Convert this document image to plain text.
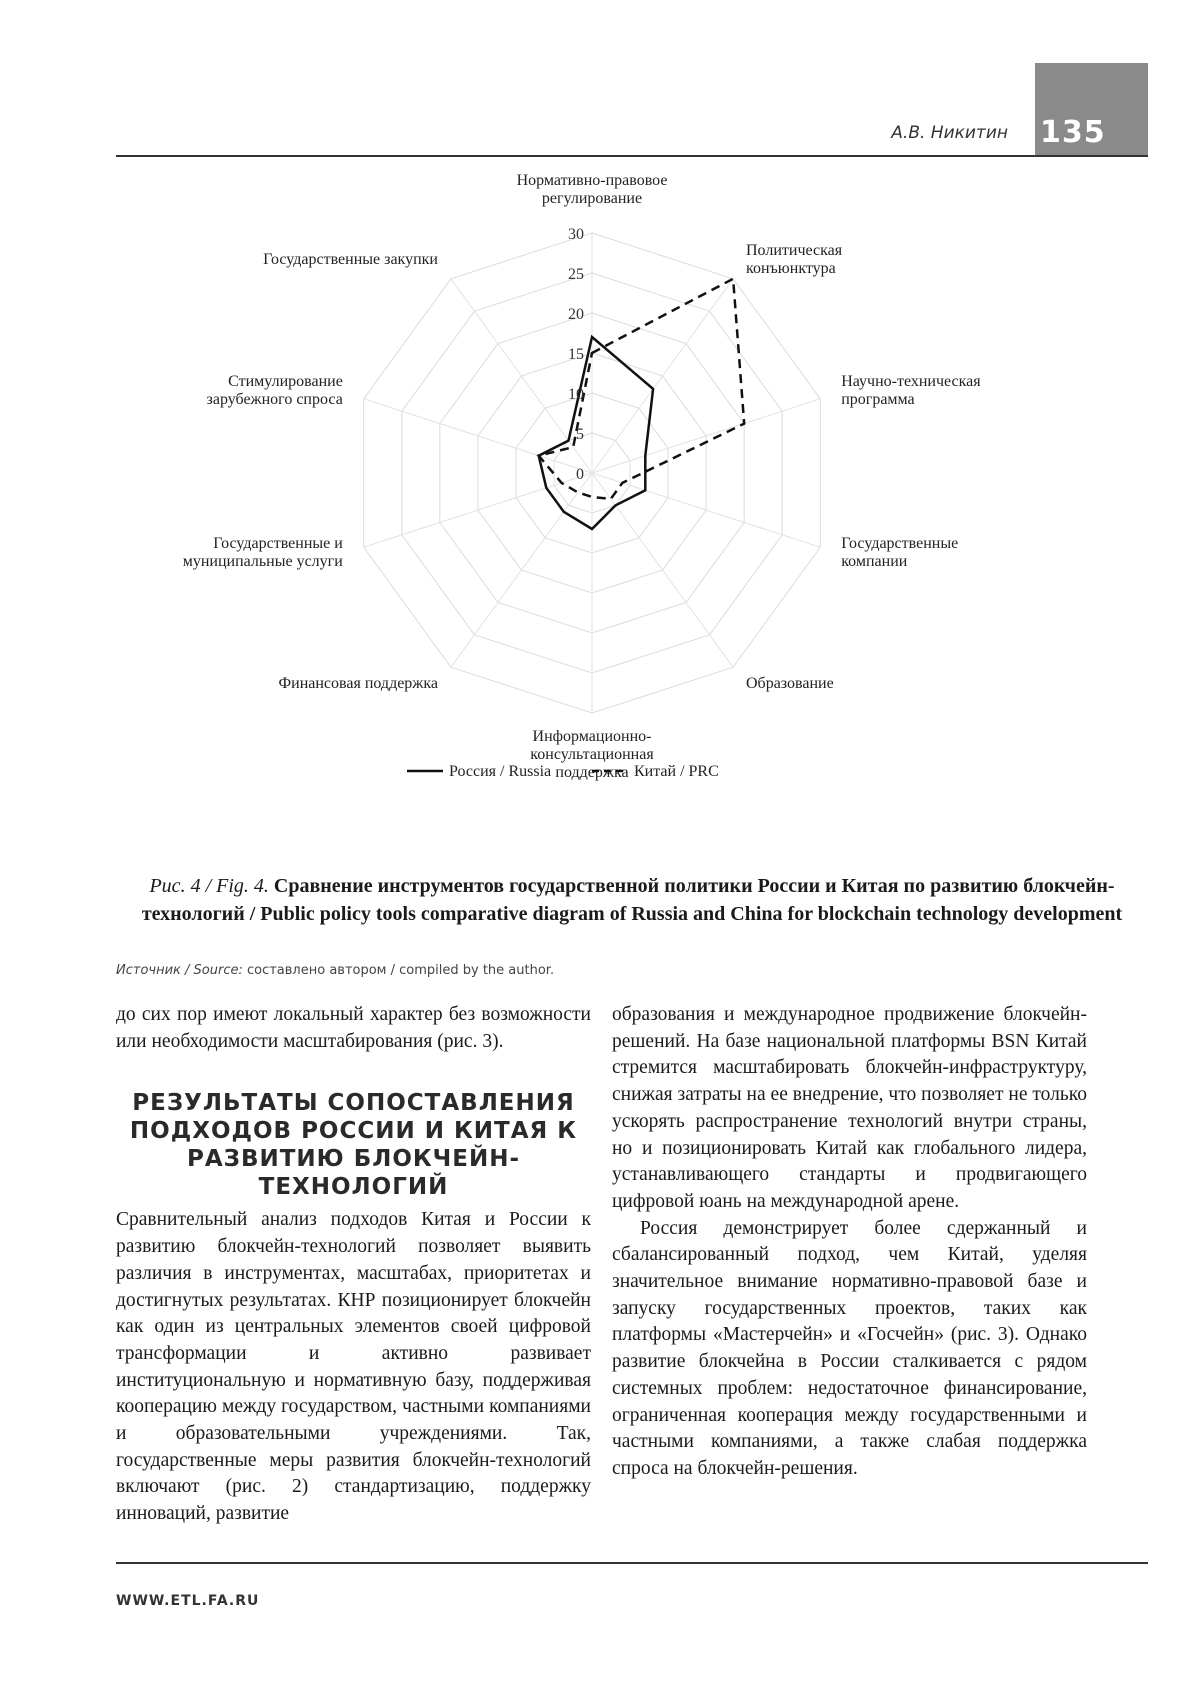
135
А.В. Никитин
0
5
10
15
20
25
30
Нормативно-правовое регулирование
Политическая конъюнктура
Научно-техническая программа
Государственные компании
Образование
Информационно-консультационная поддержка
Финансовая поддержка
Государственные и муниципальные услуги
Стимулирование зарубежного спроса
Государственные закупки
Россия / Russia	Китай / PRC
Рис. 4 / Fig. 4. Сравнение инструментов государственной политики России и Китая по развитию блокчейн-технологий / Public policy tools comparative diagram of Russia and China for blockchain technology development
Источник / Source: составлено автором / compiled by the author.

до сих пор имеют локальный характер без возможности или необходимости масштабирования (рис. 3).

РЕЗУЛЬТАТЫ СОПОСТАВЛЕНИЯ ПОДХОДОВ РОССИИ И КИТАЯ К РАЗВИТИЮ БЛОКЧЕЙН-ТЕХНОЛОГИЙ

Сравнительный анализ подходов Китая и России к развитию блокчейн-технологий позволяет выявить различия в инструментах, масштабах, приоритетах и достигнутых результатах. КНР позиционирует блокчейн как один из центральных элементов своей цифровой трансформации и активно развивает институциональную и нормативную базу, поддерживая кооперацию между государством, частными компаниями и образовательными учреждениями. Так, государственные меры развития блокчейн-технологий включают (рис. 2) стандартизацию, поддержку инноваций, развитие

образования и международное продвижение блокчейн-решений. На базе национальной платформы BSN Китай стремится масштабировать блокчейн-инфраструктуру, снижая затраты на ее внедрение, что позволяет не только ускорять распространение технологий внутри страны, но и позиционировать Китай как глобального лидера, устанавливающего стандарты и продвигающего цифровой юань на международной арене.

Россия демонстрирует более сдержанный и сбалансированный подход, чем Китай, уделяя значительное внимание нормативно-правовой базе и запуску государственных проектов, таких как платформы «Мастерчейн» и «Госчейн» (рис. 3). Однако развитие блокчейна в России сталкивается с рядом системных проблем: недостаточное финансирование, ограниченная кооперация между государственными и частными компаниями, а также слабая поддержка спроса на блокчейн-решения.

WWW.ETL.FA.RU
